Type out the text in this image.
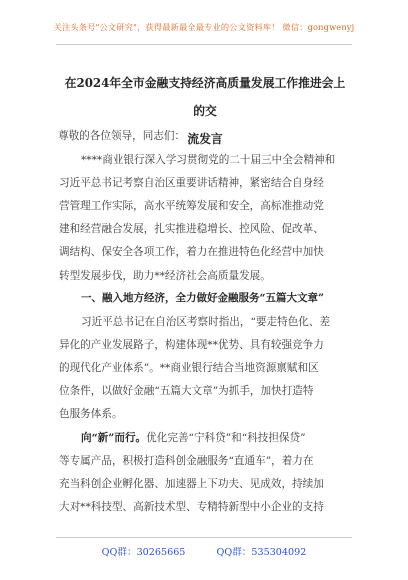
关注头条号"公文研究"，获得最新最全最专业的公文资料库！ 微信：gongwenyj
在2024年全市金融支持经济高质量发展工作推进会上的交
流发言
尊敬的各位领导，同志们：
****商业银行深入学习贯彻党的二十届三中全会精神和
习近平总书记考察自治区重要讲话精神，紧密结合自身经
营管理工作实际，高水平统筹发展和安全，高标准推动党
建和经营融合发展，扎实推进稳增长、控风险、促改革、
调结构、保安全各项工作，着力在推进特色化经营中加快
转型发展步伐，助力**经济社会高质量发展。
一、融入地方经济，全力做好金融服务“五篇大文章”
习近平总书记在自治区考察时指出，“要走特色化、差
异化的产业发展路子，构建体现**优势、具有较强竞争力
的现代化产业体系”。**商业银行结合当地资源禀赋和区
位条件，以做好金融“五篇大文章”为抓手，加快打造特
色服务体系。
向“新”而行。优化完善“宁科贷”和“科技担保贷”
等专属产品，积极打造科创金融服务“直通车”，着力在
充当科创企业孵化器、加速器上下功夫、见成效，持续加
大对**科技型、高新技术型、专精特新型中小企业的支持
QQ群：30265665	QQ群：535304092
